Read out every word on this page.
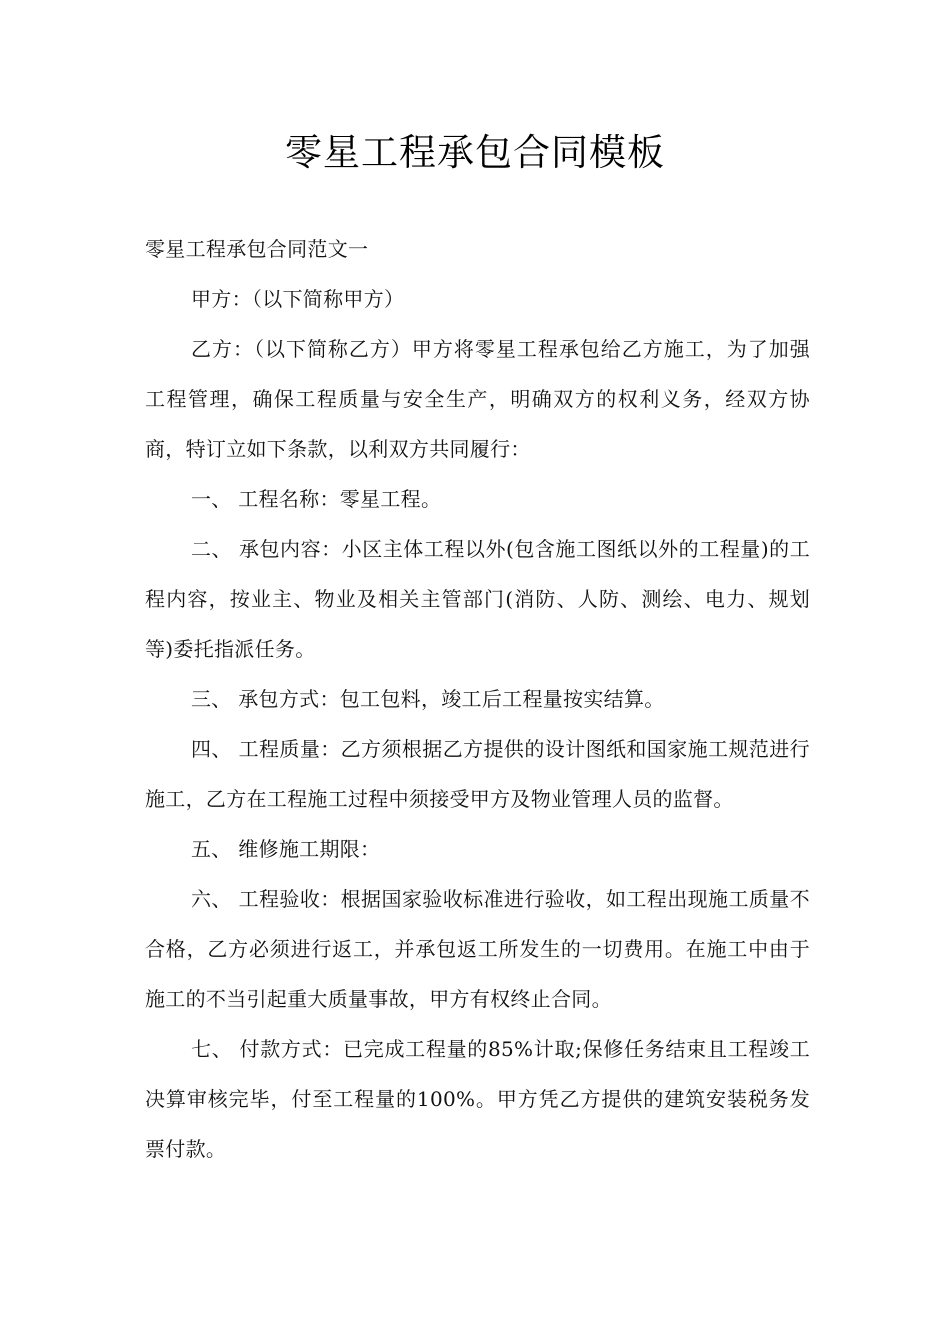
零星工程承包合同模板

零星工程承包合同范文一

甲方：（以下简称甲方）

乙方：（以下简称乙方）甲方将零星工程承包给乙方施工，为了加强工程管理，确保工程质量与安全生产，明确双方的权利义务，经双方协商，特订立如下条款，以利双方共同履行：

一、 工程名称：零星工程。

二、 承包内容：小区主体工程以外(包含施工图纸以外的工程量)的工程内容，按业主、物业及相关主管部门(消防、人防、测绘、电力、规划等)委托指派任务。

三、 承包方式：包工包料，竣工后工程量按实结算。

四、 工程质量：乙方须根据乙方提供的设计图纸和国家施工规范进行施工，乙方在工程施工过程中须接受甲方及物业管理人员的监督。

五、 维修施工期限：

六、 工程验收：根据国家验收标准进行验收，如工程出现施工质量不合格，乙方必须进行返工，并承包返工所发生的一切费用。在施工中由于施工的不当引起重大质量事故，甲方有权终止合同。

七、 付款方式：已完成工程量的85%计取;保修任务结束且工程竣工决算审核完毕，付至工程量的100%。甲方凭乙方提供的建筑安装税务发票付款。
